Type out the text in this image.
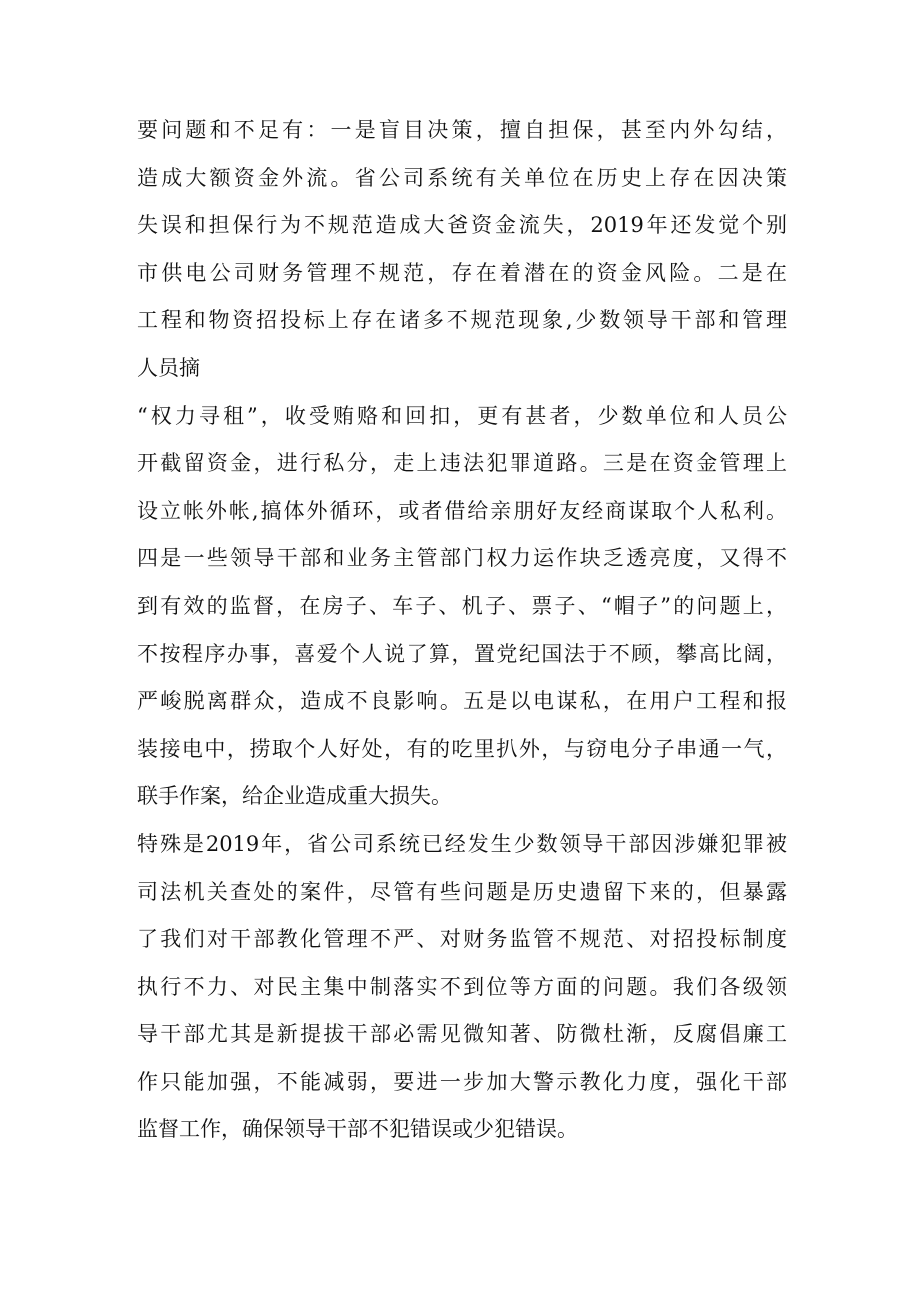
要问题和不足有：一是盲目决策，擅自担保，甚至内外勾结，
造成大额资金外流。省公司系统有关单位在历史上存在因决策
失误和担保行为不规范造成大爸资金流失，2019年还发觉个别
市供电公司财务管理不规范，存在着潜在的资金风险。二是在
工程和物资招投标上存在诸多不规范现象,少数领导干部和管理
人员摘
“权力寻租”，收受贿赂和回扣，更有甚者，少数单位和人员公
开截留资金，进行私分，走上违法犯罪道路。三是在资金管理上
设立帐外帐,搞体外循环，或者借给亲朋好友经商谋取个人私利。
四是一些领导干部和业务主管部门权力运作块乏透亮度，又得不
到有效的监督，在房子、车子、机子、票子、“帽子”的问题上，
不按程序办事，喜爱个人说了算，置党纪国法于不顾，攀高比阔，
严峻脱离群众，造成不良影响。五是以电谋私，在用户工程和报
装接电中，捞取个人好处，有的吃里扒外，与窃电分子串通一气，
联手作案，给企业造成重大损失。
特殊是2019年，省公司系统已经发生少数领导干部因涉嫌犯罪被
司法机关查处的案件，尽管有些问题是历史遗留下来的，但暴露
了我们对干部教化管理不严、对财务监管不规范、对招投标制度
执行不力、对民主集中制落实不到位等方面的问题。我们各级领
导干部尤其是新提拔干部必需见微知著、防微杜渐，反腐倡廉工
作只能加强，不能减弱，要进一步加大警示教化力度，强化干部
监督工作，确保领导干部不犯错误或少犯错误。
